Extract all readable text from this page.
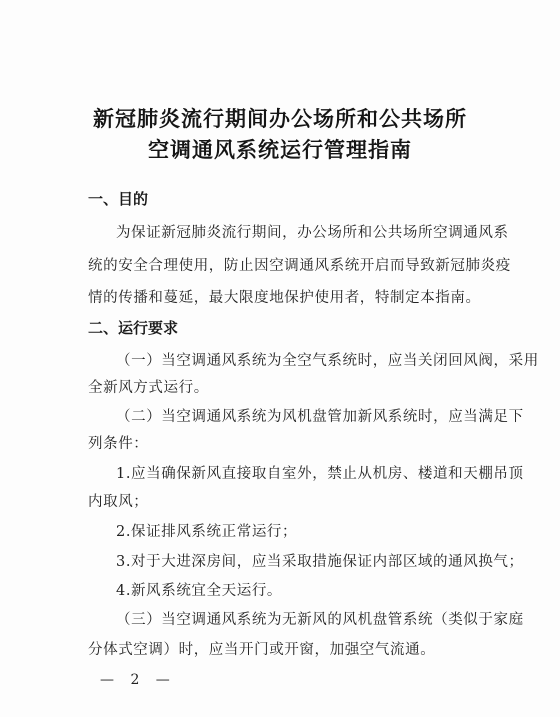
新冠肺炎流行期间办公场所和公共场所
空调通风系统运行管理指南
一、目的
为保证新冠肺炎流行期间，办公场所和公共场所空调通风系
统的安全合理使用，防止因空调通风系统开启而导致新冠肺炎疫
情的传播和蔓延，最大限度地保护使用者，特制定本指南。
二、运行要求
（一）当空调通风系统为全空气系统时，应当关闭回风阀，采用
全新风方式运行。
（二）当空调通风系统为风机盘管加新风系统时，应当满足下
列条件：
1.应当确保新风直接取自室外，禁止从机房、楼道和天棚吊顶
内取风；
2.保证排风系统正常运行；
3.对于大进深房间，应当采取措施保证内部区域的通风换气；
4.新风系统宜全天运行。
（三）当空调通风系统为无新风的风机盘管系统（类似于家庭
分体式空调）时，应当开门或开窗，加强空气流通。
— 2 —
